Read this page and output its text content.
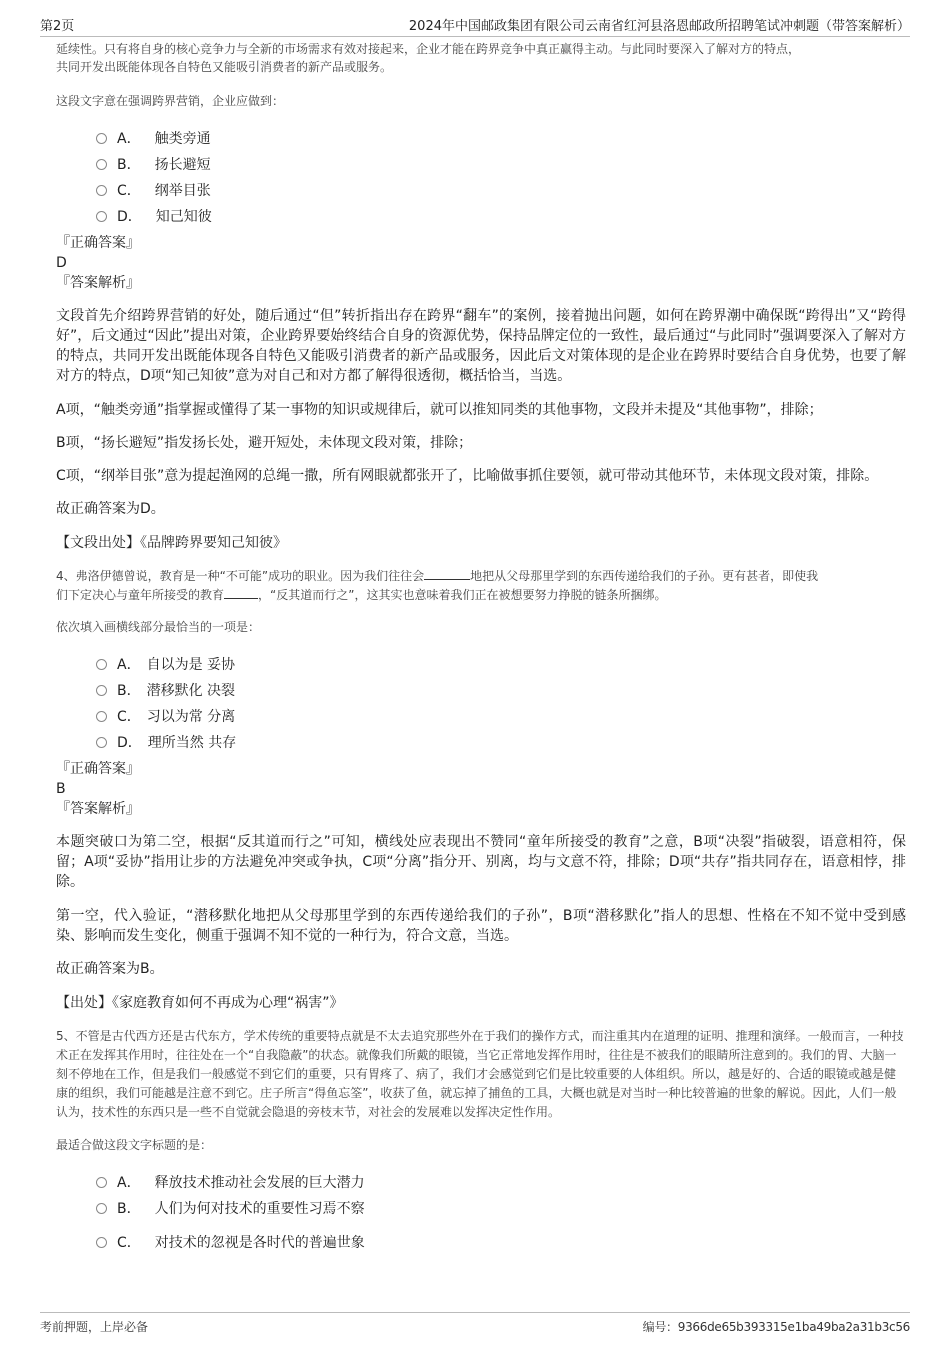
第2页	2024年中国邮政集团有限公司云南省红河县洛恩邮政所招聘笔试冲刺题（带答案解析）

延续性。只有将自身的核心竞争力与全新的市场需求有效对接起来，企业才能在跨界竞争中真正赢得主动。与此同时要深入了解对方的特点，

共同开发出既能体现各自特色又能吸引消费者的新产品或服务。

这段文字意在强调跨界营销，企业应做到：

A． 触类旁通
B． 扬长避短
C． 纲举目张
D． 知己知彼

『正确答案』

D

『答案解析』

文段首先介绍跨界营销的好处，随后通过“但”转折指出存在跨界“翻车”的案例，接着抛出问题，如何在跨界潮中确保既“跨得出”又“跨得好”，后文通过“因此”提出对策，企业跨界要始终结合自身的资源优势，保持品牌定位的一致性，最后通过“与此同时”强调要深入了解对方的特点，共同开发出既能体现各自特色又能吸引消费者的新产品或服务，因此后文对策体现的是企业在跨界时要结合自身优势，也要了解对方的特点，D项“知己知彼”意为对自己和对方都了解得很透彻，概括恰当，当选。

A项，“触类旁通”指掌握或懂得了某一事物的知识或规律后，就可以推知同类的其他事物，文段并未提及“其他事物”，排除；

B项，“扬长避短”指发扬长处，避开短处，未体现文段对策，排除；

C项，“纲举目张”意为提起渔网的总绳一撒，所有网眼就都张开了，比喻做事抓住要领，就可带动其他环节，未体现文段对策，排除。

故正确答案为D。

【文段出处】《品牌跨界要知己知彼》

4、弗洛伊德曾说，教育是一种“不可能”成功的职业。因为我们往往会	地把从父母那里学到的东西传递给我们的子孙。更有甚者，即使我
们下定决心与童年所接受的教育	，“反其道而行之”，这其实也意味着我们正在被想要努力挣脱的链条所捆绑。

依次填入画横线部分最恰当的一项是：

A． 自以为是 妥协
B． 潜移默化 决裂
C． 习以为常 分离
D． 理所当然 共存

『正确答案』

B

『答案解析』

本题突破口为第二空，根据“反其道而行之”可知，横线处应表现出不赞同“童年所接受的教育”之意，B项“决裂”指破裂，语意相符，保留；A项“妥协”指用让步的方法避免冲突或争执，C项“分离”指分开、别离，均与文意不符，排除；D项“共存”指共同存在，语意相悖，排除。

第一空，代入验证，“潜移默化地把从父母那里学到的东西传递给我们的子孙”，B项“潜移默化”指人的思想、性格在不知不觉中受到感染、影响而发生变化，侧重于强调不知不觉的一种行为，符合文意，当选。

故正确答案为B。

【出处】《家庭教育如何不再成为心理“祸害”》

5、不管是古代西方还是古代东方，学术传统的重要特点就是不太去追究那些外在于我们的操作方式，而注重其内在道理的证明、推理和演绎。一般而言，一种技术正在发挥其作用时，往往处在一个“自我隐蔽”的状态。就像我们所戴的眼镜，当它正常地发挥作用时，往往是不被我们的眼睛所注意到的。我们的胃、大脑一刻不停地在工作，但是我们一般感觉不到它们的重要，只有胃疼了、病了，我们才会感觉到它们是比较重要的人体组织。所以，越是好的、合适的眼镜或越是健康的组织，我们可能越是注意不到它。庄子所言“得鱼忘筌”，收获了鱼，就忘掉了捕鱼的工具，大概也就是对当时一种比较普遍的世象的解说。因此，人们一般认为，技术性的东西只是一些不自觉就会隐退的旁枝末节，对社会的发展难以发挥决定性作用。

最适合做这段文字标题的是：

A． 释放技术推动社会发展的巨大潜力
B． 人们为何对技术的重要性习焉不察
C． 对技术的忽视是各时代的普遍世象
考前押题，上岸必备	编号：9366de65b393315e1ba49ba2a31b3c56
